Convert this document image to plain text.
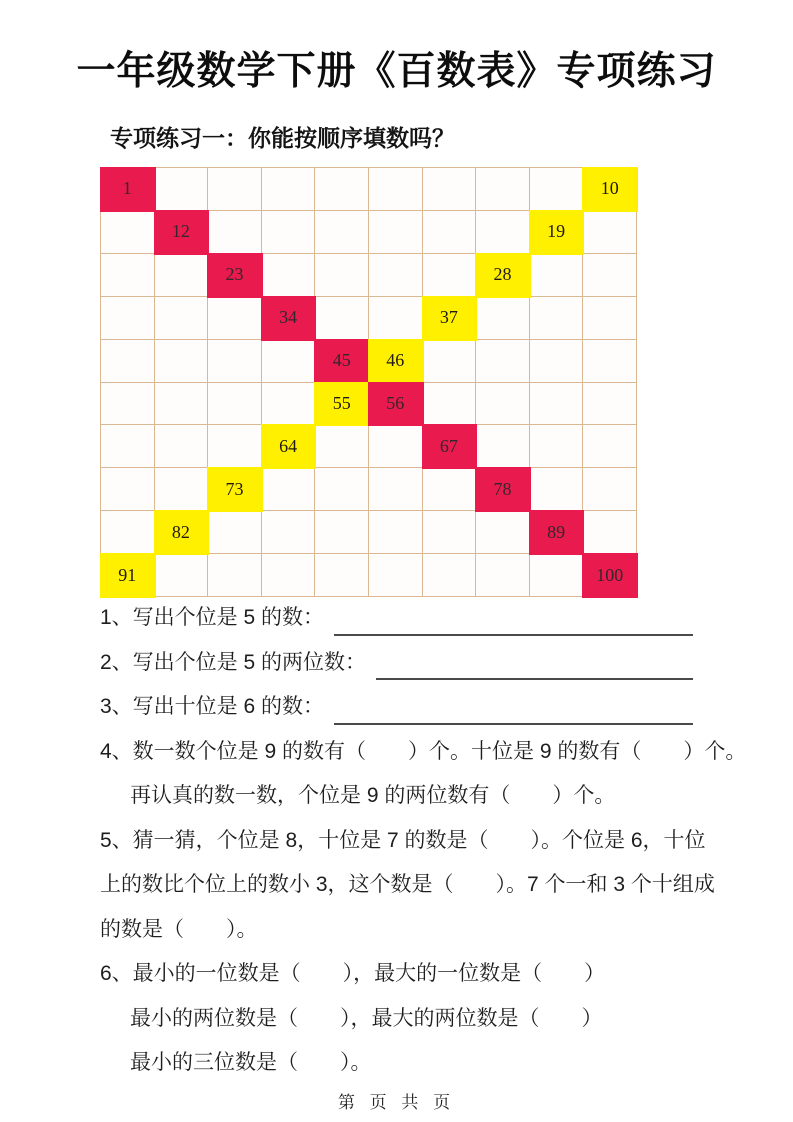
一年级数学下册《百数表》专项练习
专项练习一：你能按顺序填数吗？
1	10
12	19
23	28
34	37
45	46
55	56
64	67
73	78
82	89
91	100
1、写出个位是 5 的数：
2、写出个位是 5 的两位数：
3、写出十位是 6 的数：
4、数一数个位是 9 的数有（　　）个。十位是 9 的数有（　　）个。
再认真的数一数，个位是 9 的两位数有（　　）个。
5、猜一猜，个位是 8，十位是 7 的数是（　　）。个位是 6，十位
上的数比个位上的数小 3，这个数是（　　）。7 个一和 3 个十组成
的数是（　　）。
6、最小的一位数是（　　），最大的一位数是（　　）
最小的两位数是（　　），最大的两位数是（　　）
最小的三位数是（　　）。
第 页 共 页
